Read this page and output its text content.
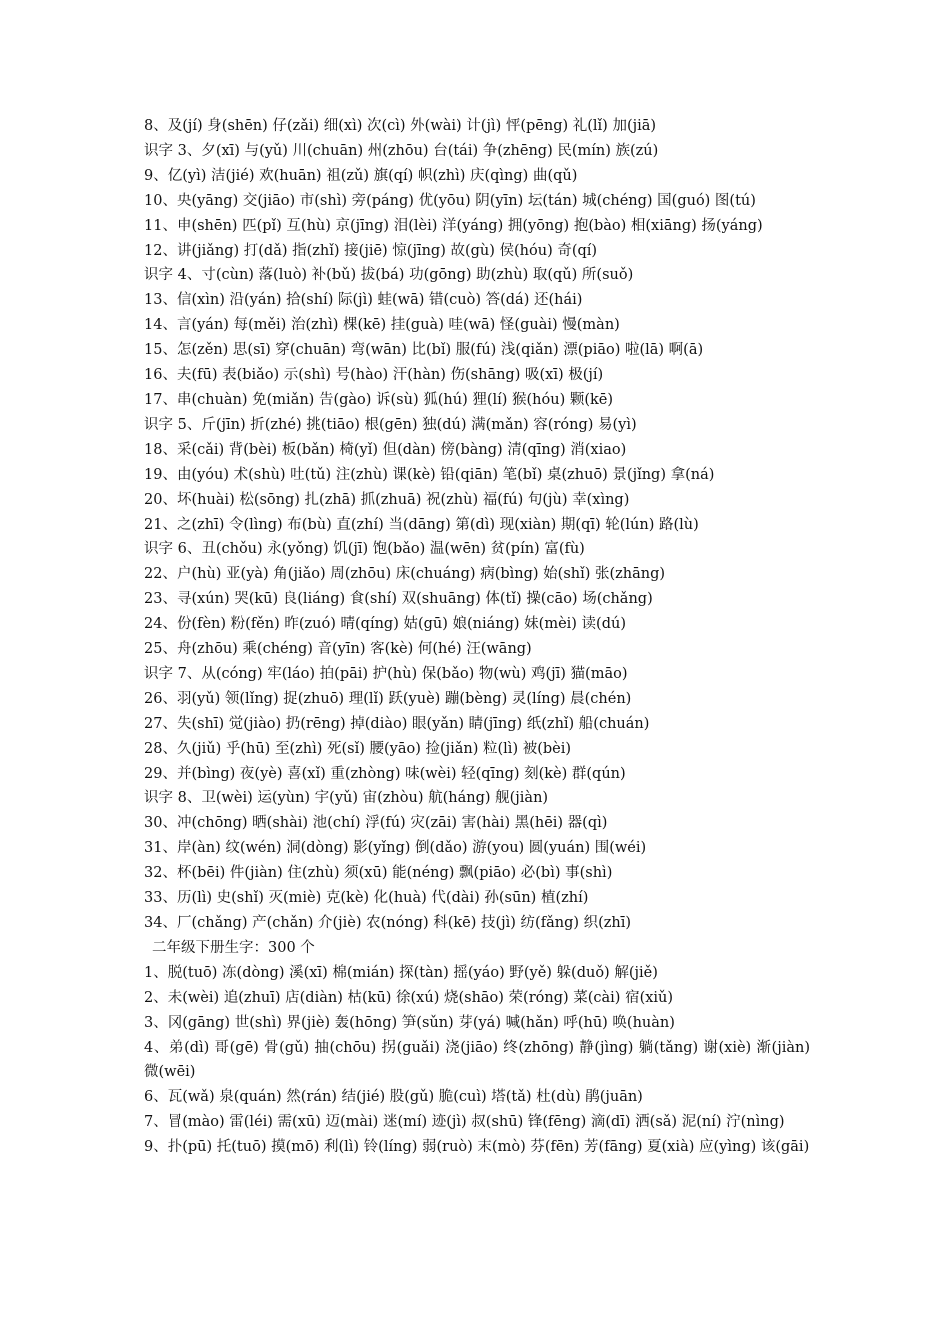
8、及(jí) 身(shēn) 仔(zǎi) 细(xì) 次(cì) 外(wài) 计(jì) 怦(pēng) 礼(lǐ) 加(jiā)
识字 3、夕(xī) 与(yǔ) 川(chuān) 州(zhōu) 台(tái) 争(zhēng) 民(mín) 族(zú)
9、亿(yì) 洁(jié) 欢(huān) 祖(zǔ) 旗(qí) 帜(zhì) 庆(qìng) 曲(qǔ)
10、央(yāng) 交(jiāo) 市(shì) 旁(páng) 优(yōu) 阴(yīn) 坛(tán) 城(chéng) 国(guó) 图(tú)
11、申(shēn) 匹(pǐ) 互(hù) 京(jīng) 泪(lèi) 洋(yáng) 拥(yōng) 抱(bào) 相(xiāng) 扬(yáng)
12、讲(jiǎng) 打(dǎ) 指(zhǐ) 接(jiē) 惊(jīng) 故(gù) 侯(hóu) 奇(qí)
识字 4、寸(cùn) 落(luò) 补(bǔ) 拔(bá) 功(gōng) 助(zhù) 取(qǔ) 所(suǒ)
13、信(xìn) 沿(yán) 拾(shí) 际(jì) 蛙(wā) 错(cuò) 答(dá) 还(hái)
14、言(yán) 每(měi) 治(zhì) 棵(kē) 挂(guà) 哇(wā) 怪(guài) 慢(màn)
15、怎(zěn) 思(sī) 穿(chuān) 弯(wān) 比(bǐ) 服(fú) 浅(qiǎn) 漂(piāo) 啦(lā) 啊(ā)
16、夫(fū) 表(biǎo) 示(shì) 号(hào) 汗(hàn) 伤(shāng) 吸(xī) 极(jí)
17、串(chuàn) 免(miǎn) 告(gào) 诉(sù) 狐(hú) 狸(lí) 猴(hóu) 颗(kē)
识字 5、斤(jīn) 折(zhé) 挑(tiāo) 根(gēn) 独(dú) 满(mǎn) 容(róng) 易(yì)
18、采(cǎi) 背(bèi) 板(bǎn) 椅(yǐ) 但(dàn) 傍(bàng) 清(qīng) 消(xiao)
19、由(yóu) 术(shù) 吐(tǔ) 注(zhù) 课(kè) 铅(qiān) 笔(bǐ) 桌(zhuō) 景(jǐng) 拿(ná)
20、坏(huài) 松(sōng) 扎(zhā) 抓(zhuā) 祝(zhù) 福(fú) 句(jù) 幸(xìng)
21、之(zhī) 令(lìng) 布(bù) 直(zhí) 当(dāng) 第(dì) 现(xiàn) 期(qī) 轮(lún) 路(lù)
识字 6、丑(chǒu) 永(yǒng) 饥(jī) 饱(bǎo) 温(wēn) 贫(pín) 富(fù)
22、户(hù) 亚(yà) 角(jiǎo) 周(zhōu) 床(chuáng) 病(bìng) 始(shǐ) 张(zhāng)
23、寻(xún) 哭(kū) 良(liáng) 食(shí) 双(shuāng) 体(tǐ) 操(cāo) 场(chǎng)
24、份(fèn) 粉(fěn) 昨(zuó) 晴(qíng) 姑(gū) 娘(niáng) 妹(mèi) 读(dú)
25、舟(zhōu) 乘(chéng) 音(yīn) 客(kè) 何(hé) 汪(wāng)
识字 7、从(cóng) 牢(láo) 拍(pāi) 护(hù) 保(bǎo) 物(wù) 鸡(jī) 猫(māo)
26、羽(yǔ) 领(lǐng) 捉(zhuō) 理(lǐ) 跃(yuè) 蹦(bèng) 灵(líng) 晨(chén)
27、失(shī) 觉(jiào) 扔(rēng) 掉(diào) 眼(yǎn) 睛(jīng) 纸(zhǐ) 船(chuán)
28、久(jiǔ) 乎(hū) 至(zhì) 死(sǐ) 腰(yāo) 捡(jiǎn) 粒(lì) 被(bèi)
29、并(bìng) 夜(yè) 喜(xǐ) 重(zhòng) 味(wèi) 轻(qīng) 刻(kè) 群(qún)
识字 8、卫(wèi) 运(yùn) 宇(yǔ) 宙(zhòu) 航(háng) 舰(jiàn)
30、冲(chōng) 晒(shài) 池(chí) 浮(fú) 灾(zāi) 害(hài) 黑(hēi) 器(qì)
31、岸(àn) 纹(wén) 洞(dòng) 影(yǐng) 倒(dǎo) 游(you) 圆(yuán) 围(wéi)
32、杯(bēi) 件(jiàn) 住(zhù) 须(xū) 能(néng) 飘(piāo) 必(bì) 事(shì)
33、历(lì) 史(shǐ) 灭(miè) 克(kè) 化(huà) 代(dài) 孙(sūn) 植(zhí)
34、厂(chǎng) 产(chǎn) 介(jiè) 农(nóng) 科(kē) 技(jì) 纺(fǎng) 织(zhī)
二年级下册生字：300 个
1、脱(tuō) 冻(dòng) 溪(xī) 棉(mián) 探(tàn) 摇(yáo) 野(yě) 躲(duǒ) 解(jiě)
2、未(wèi) 追(zhuī) 店(diàn) 枯(kū) 徐(xú) 烧(shāo) 荣(róng) 菜(cài) 宿(xiǔ)
3、冈(gāng) 世(shì) 界(jiè) 轰(hōng) 笋(sǔn) 芽(yá) 喊(hǎn) 呼(hū) 唤(huàn)
4、弟(dì) 哥(gē) 骨(gǔ) 抽(chōu) 拐(guǎi) 浇(jiāo) 终(zhōng) 静(jìng) 躺(tǎng) 谢(xiè) 渐(jiàn) 微(wēi)
6、瓦(wǎ) 泉(quán) 然(rán) 结(jié) 股(gǔ) 脆(cuì) 塔(tǎ) 杜(dù) 鹃(juān)
7、冒(mào) 雷(léi) 需(xū) 迈(mài) 迷(mí) 迹(jì) 叔(shū) 锋(fēng) 滴(dī) 洒(sǎ) 泥(ní) 泞(nìng)
9、扑(pū) 托(tuō) 摸(mō) 利(lì) 铃(líng) 弱(ruò) 末(mò) 芬(fēn) 芳(fāng) 夏(xià) 应(yìng) 该(gāi)
